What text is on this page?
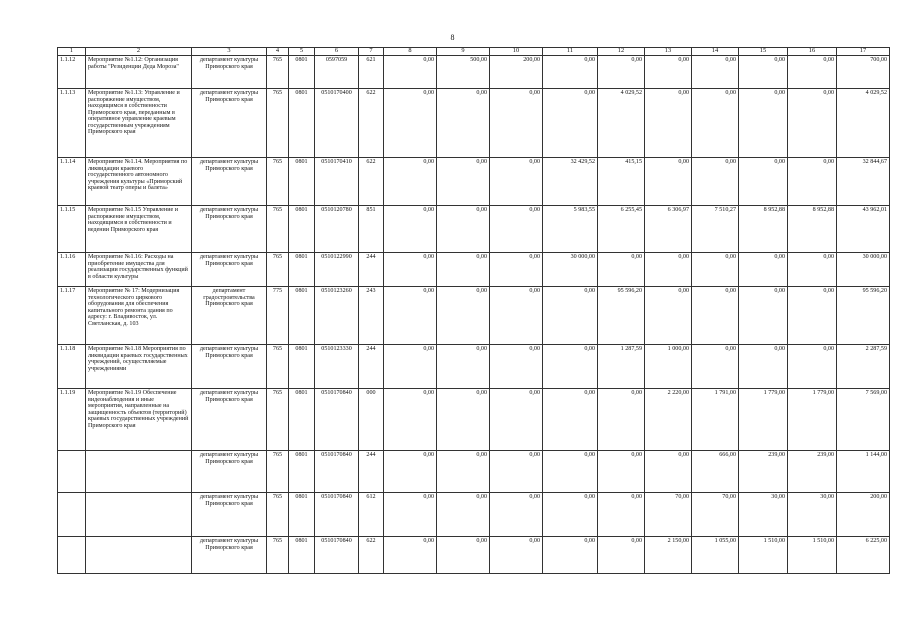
8
1	2	3	4	5	6	7	8	9	10	11	12	13	14	15	16	17
1.1.12	Мероприятие №1.12: Организация работы "Резиденции Деда Мороза"	департамент культуры Приморского края	765	0801	0597059	621	0,00	500,00	200,00	0,00	0,00	0,00	0,00	0,00	0,00	700,00
1.1.13	Мероприятие №1.13: Управление и распоряжение имуществом, находящимся в собственности Приморского края, переданным в оперативное управление краевым государственным учреждениям Приморского края	департамент культуры Приморского края	765	0801	0510170400	622	0,00	0,00	0,00	0,00	4 029,52	0,00	0,00	0,00	0,00	4 029,52
1.1.14	Мероприятие №1.14. Мероприятия по ликвидации краевого государственного автономного учреждения культуры «Приморский краевой театр оперы и балета»	департамент культуры Приморского края	765	0801	0510170410	622	0,00	0,00	0,00	32 429,52	415,15	0,00	0,00	0,00	0,00	32 844,67
1.1.15	Мероприятие №1.15 Управление и распоряжение имуществом, находящимся в собственности и ведении Приморского края	департамент культуры Приморского края	765	0801	0510120780	851	0,00	0,00	0,00	5 983,55	6 255,45	6 306,97	7 510,27	8 952,88	8 952,88	43 962,01
1.1.16	Мероприятие №1.16: Расходы на приобретение имущества для реализации государственных функций в области культуры	департамент культуры Приморского края	765	0801	0510122990	244	0,00	0,00	0,00	30 000,00	0,00	0,00	0,00	0,00	0,00	30 000,00
1.1.17	Мероприятие № 17: Модернизация технологического циркового оборудования для обеспечения капитального ремонта здания по адресу: г. Владивосток, ул. Светланская, д. 103	департамент градостроительства Приморского края	775	0801	0510123260	243	0,00	0,00	0,00	0,00	95 596,20	0,00	0,00	0,00	0,00	95 596,20
1.1.18	Мероприятие №1.18 Мероприятия по ликвидации краевых государственных учреждений, осуществляемые учреждениями	департамент культуры Приморского края	765	0801	0510123330	244	0,00	0,00	0,00	0,00	1 287,59	1 000,00	0,00	0,00	0,00	2 287,59
1.1.19	Мероприятие №1.19 Обеспечение видеонаблюдения и иные мероприятия, направленные на защищенность объектов (территорий) краевых государственных учреждений Приморского края	департамент культуры Приморского края	765	0801	0510170840	000	0,00	0,00	0,00	0,00	0,00	2 220,00	1 791,00	1 779,00	1 779,00	7 569,00
		департамент культуры Приморского края	765	0801	0510170840	244	0,00	0,00	0,00	0,00	0,00	0,00	666,00	239,00	239,00	1 144,00
		департамент культуры Приморского края	765	0801	0510170840	612	0,00	0,00	0,00	0,00	0,00	70,00	70,00	30,00	30,00	200,00
		департамент культуры Приморского края	765	0801	0510170840	622	0,00	0,00	0,00	0,00	0,00	2 150,00	1 055,00	1 510,00	1 510,00	6 225,00
